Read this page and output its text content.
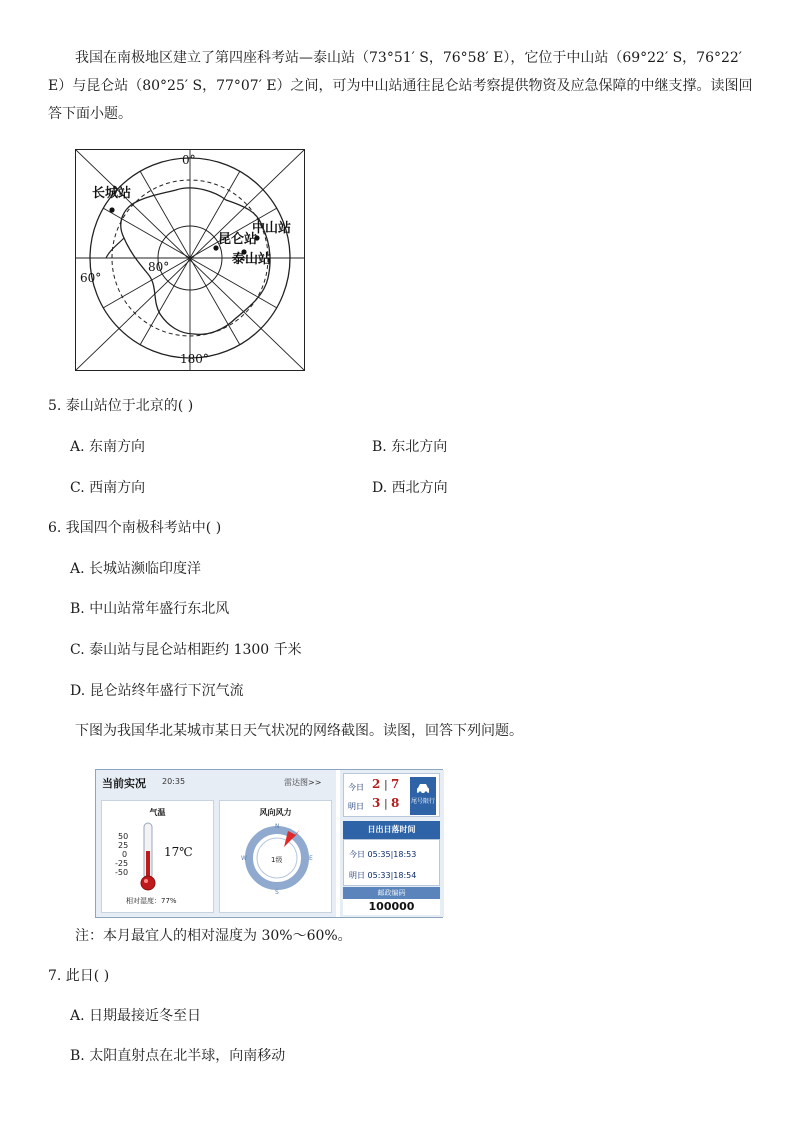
我国在南极地区建立了第四座科考站—泰山站（73°51′ S，76°58′ E），它位于中山站（69°22′ S，76°22′
E）与昆仑站（80°25′ S，77°07′ E）之间，可为中山站通往昆仑站考察提供物资及应急保障的中继支撑。读图回
答下面小题。
长城站
昆仑站
中山站
泰山站
0°
60°
180°
80°
5. 泰山站位于北京的( )
A. 东南方向	B. 东北方向
C. 西南方向	D. 西北方向
6. 我国四个南极科考站中( )
A. 长城站濒临印度洋
B. 中山站常年盛行东北风
C. 泰山站与昆仑站相距约 1300 千米
D. 昆仑站终年盛行下沉气流
下图为我国华北某城市某日天气状况的网络截图。读图，回答下列问题。
当前实况 20:35	雷达图>>
气温
50
25
0
-25
-50
17℃
相对湿度：77%
风向风力
N
E
S
W	1级
今日 2 | 7
明日 3 | 8 尾号限行
日出日落时间
今日 05:35|18:53
明日 05:33|18:54
邮政编码
100000
注：本月最宜人的相对湿度为 30%～60%。
7. 此日( )
A. 日期最接近冬至日
B. 太阳直射点在北半球，向南移动
